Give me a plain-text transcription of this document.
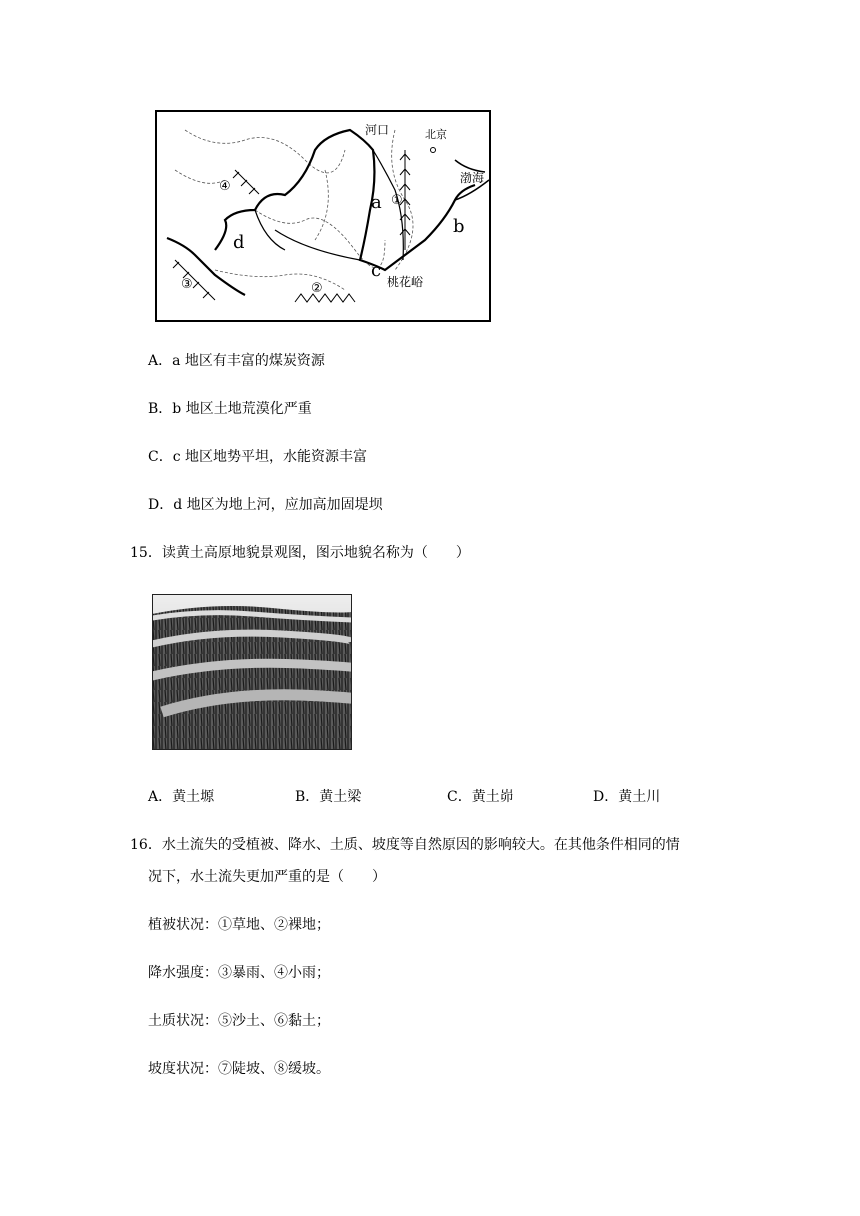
河口	北京
渤海
桃花峪
a
b
c
d
①
②
③
④
A．a 地区有丰富的煤炭资源
B．b 地区土地荒漠化严重
C．c 地区地势平坦，水能资源丰富
D．d 地区为地上河，应加高加固堤坝
15．读黄土高原地貌景观图，图示地貌名称为（　　）
A．黄土塬	B．黄土梁	C．黄土峁	D．黄土川
16．水土流失的受植被、降水、土质、坡度等自然原因的影响较大。在其他条件相同的情
况下，水土流失更加严重的是（　　）
植被状况：①草地、②裸地；
降水强度：③暴雨、④小雨；
土质状况：⑤沙土、⑥黏土；
坡度状况：⑦陡坡、⑧缓坡。
